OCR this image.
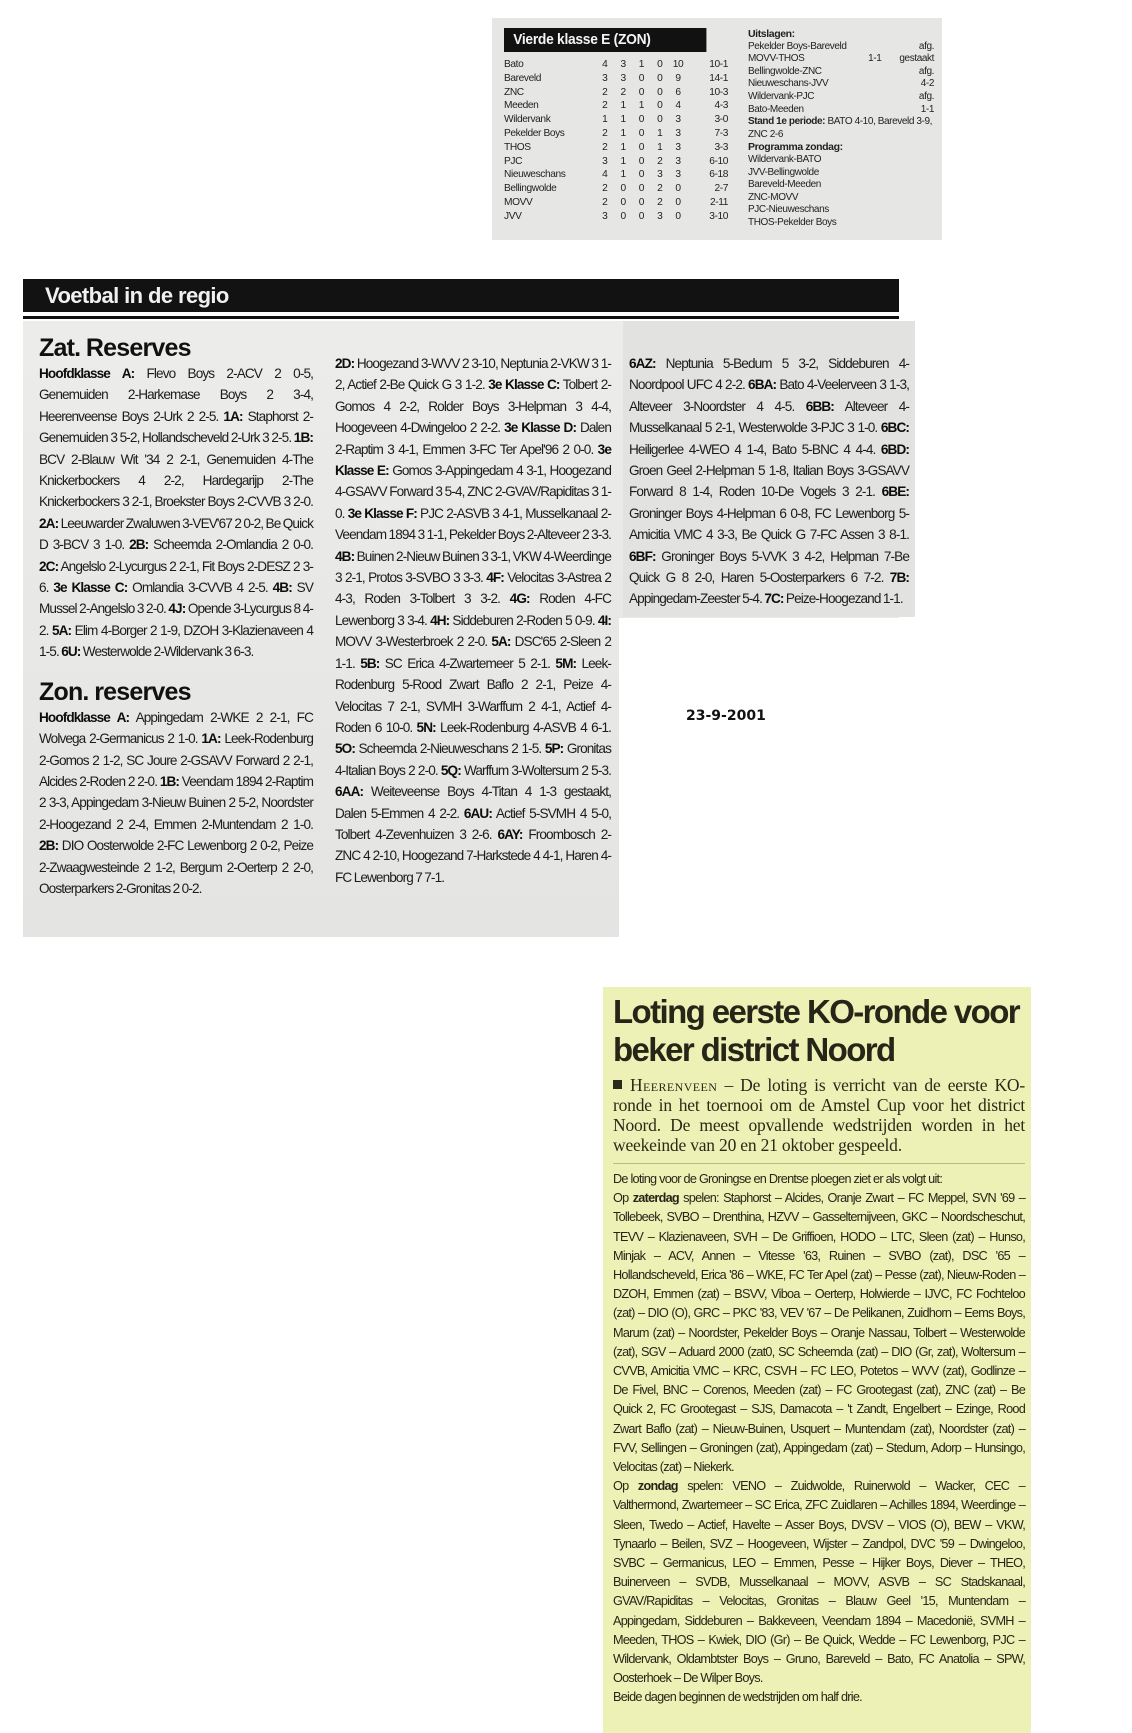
Vierde klasse E (ZON)
Bato	4	3	1	0	10	10-1
Bareveld	3	3	0	0	9	14-1
ZNC	2	2	0	0	6	10-3
Meeden	2	1	1	0	4	4-3
Wildervank	1	1	0	0	3	3-0
Pekelder Boys	2	1	0	1	3	7-3
THOS	2	1	0	1	3	3-3
PJC	3	1	0	2	3	6-10
Nieuweschans	4	1	0	3	3	6-18
Bellingwolde	2	0	0	2	0	2-7
MOVV	2	0	0	2	0	2-11
JVV	3	0	0	3	0	3-10
Uitslagen:
Pekelder Boys-Bareveld	afg.
MOVV-THOS	1-1 gestaakt
Bellingwolde-ZNC	afg.
Nieuweschans-JVV	4-2
Wildervank-PJC	afg.
Bato-Meeden	1-1
Stand 1e periode: BATO 4-10, Bareveld 3-9, ZNC 2-6
Programma zondag:
Wildervank-BATO
JVV-Bellingwolde
Bareveld-Meeden
ZNC-MOVV
PJC-Nieuweschans
THOS-Pekelder Boys
Voetbal in de regio
Zat. Reserves
Hoofdklasse A: Flevo Boys 2-ACV 2 0-5, Genemuiden 2-Harkemase Boys 2 3-4, Heerenveense Boys 2-Urk 2 2-5. 1A: Staphorst 2-Genemuiden 3 5-2, Hollandscheveld 2-Urk 3 2-5. 1B: BCV 2-Blauw Wit '34 2 2-1, Genemuiden 4-The Knickerbockers 4 2-2, Hardegarijp 2-The Knickerbockers 3 2-1, Broekster Boys 2-CVVB 3 2-0. 2A: Leeuwarder Zwaluwen 3-VEV'67 2 0-2, Be Quick D 3-BCV 3 1-0. 2B: Scheemda 2-Omlandia 2 0-0. 2C: Angelslo 2-Lycurgus 2 2-1, Fit Boys 2-DESZ 2 3-6. 3e Klasse C: Omlandia 3-CVVB 4 2-5. 4B: SV Mussel 2-Angelslo 3 2-0. 4J: Opende 3-Lycurgus 8 4-2. 5A: Elim 4-Borger 2 1-9, DZOH 3-Klazienaveen 4 1-5. 6U: Westerwolde 2-Wildervank 3 6-3.
Zon. reserves
Hoofdklasse A: Appingedam 2-WKE 2 2-1, FC Wolvega 2-Germanicus 2 1-0. 1A: Leek-Rodenburg 2-Gomos 2 1-2, SC Joure 2-GSAVV Forward 2 2-1, Alcides 2-Roden 2 2-0. 1B: Veendam 1894 2-Raptim 2 3-3, Appingedam 3-Nieuw Buinen 2 5-2, Noordster 2-Hoogezand 2 2-4, Emmen 2-Muntendam 2 1-0. 2B: DIO Oosterwolde 2-FC Lewenborg 2 0-2, Peize 2-Zwaagwesteinde 2 1-2, Bergum 2-Oerterp 2 2-0, Oosterparkers 2-Gronitas 2 0-2.
2D: Hoogezand 3-WVV 2 3-10, Neptunia 2-VKW 3 1-2, Actief 2-Be Quick G 3 1-2. 3e Klasse C: Tolbert 2-Gomos 4 2-2, Rolder Boys 3-Helpman 3 4-4, Hoogeveen 4-Dwingeloo 2 2-2. 3e Klasse D: Dalen 2-Raptim 3 4-1, Emmen 3-FC Ter Apel'96 2 0-0. 3e Klasse E: Gomos 3-Appingedam 4 3-1, Hoogezand 4-GSAVV Forward 3 5-4, ZNC 2-GVAV/Rapiditas 3 1-0. 3e Klasse F: PJC 2-ASVB 3 4-1, Musselkanaal 2-Veendam 1894 3 1-1, Pekelder Boys 2-Alteveer 2 3-3. 4B: Buinen 2-Nieuw Buinen 3 3-1, VKW 4-Weerdinge 3 2-1, Protos 3-SVBO 3 3-3. 4F: Velocitas 3-Astrea 2 4-3, Roden 3-Tolbert 3 3-2. 4G: Roden 4-FC Lewenborg 3 3-4. 4H: Siddeburen 2-Roden 5 0-9. 4I: MOVV 3-Westerbroek 2 2-0. 5A: DSC'65 2-Sleen 2 1-1. 5B: SC Erica 4-Zwartemeer 5 2-1. 5M: Leek-Rodenburg 5-Rood Zwart Baflo 2 2-1, Peize 4-Velocitas 7 2-1, SVMH 3-Warffum 2 4-1, Actief 4-Roden 6 10-0. 5N: Leek-Rodenburg 4-ASVB 4 6-1. 5O: Scheemda 2-Nieuweschans 2 1-5. 5P: Gronitas 4-Italian Boys 2 2-0. 5Q: Warffum 3-Woltersum 2 5-3. 6AA: Weiteveense Boys 4-Titan 4 1-3 gestaakt, Dalen 5-Emmen 4 2-2. 6AU: Actief 5-SVMH 4 5-0, Tolbert 4-Zevenhuizen 3 2-6. 6AY: Froombosch 2-ZNC 4 2-10, Hoogezand 7-Harkstede 4 4-1, Haren 4-FC Lewenborg 7 7-1.
6AZ: Neptunia 5-Bedum 5 3-2, Siddeburen 4-Noordpool UFC 4 2-2. 6BA: Bato 4-Veelerveen 3 1-3, Alteveer 3-Noordster 4 4-5. 6BB: Alteveer 4-Musselkanaal 5 2-1, Westerwolde 3-PJC 3 1-0. 6BC: Heiligerlee 4-WEO 4 1-4, Bato 5-BNC 4 4-4. 6BD: Groen Geel 2-Helpman 5 1-8, Italian Boys 3-GSAVV Forward 8 1-4, Roden 10-De Vogels 3 2-1. 6BE: Groninger Boys 4-Helpman 6 0-8, FC Lewenborg 5-Amicitia VMC 4 3-3, Be Quick G 7-FC Assen 3 8-1. 6BF: Groninger Boys 5-VVK 3 4-2, Helpman 7-Be Quick G 8 2-0, Haren 5-Oosterparkers 6 7-2. 7B: Appingedam-Zeester 5-4. 7C: Peize-Hoogezand 1-1.
23-9-2001
Loting eerste KO-ronde voor beker district Noord
Heerenveen – De loting is verricht van de eerste KO-ronde in het toernooi om de Amstel Cup voor het district Noord. De meest opvallende wedstrijden worden in het weekeinde van 20 en 21 oktober gespeeld.

De loting voor de Groningse en Drentse ploegen ziet er als volgt uit:

Op zaterdag spelen: Staphorst – Alcides, Oranje Zwart – FC Meppel, SVN '69 – Tollebeek, SVBO – Drenthina, HZVV – Gasselternijveen, GKC – Noordscheschut, TEVV – Klazienaveen, SVH – De Griffioen, HODO – LTC, Sleen (zat) – Hunso, Minjak – ACV, Annen – Vitesse '63, Ruinen – SVBO (zat), DSC '65 – Hollandscheveld, Erica '86 – WKE, FC Ter Apel (zat) – Pesse (zat), Nieuw-Roden – DZOH, Emmen (zat) – BSVV, Viboa – Oerterp, Holwierde – IJVC, FC Fochteloo (zat) – DIO (O), GRC – PKC '83, VEV '67 – De Pelikanen, Zuidhorn – Eems Boys, Marum (zat) – Noordster, Pekelder Boys – Oranje Nassau, Tolbert – Westerwolde (zat), SGV – Aduard 2000 (zat0, SC Scheemda (zat) – DIO (Gr, zat), Woltersum – CVVB, Amicitia VMC – KRC, CSVH – FC LEO, Potetos – WVV (zat), Godlinze – De Fivel, BNC – Corenos, Meeden (zat) – FC Grootegast (zat), ZNC (zat) – Be Quick 2, FC Grootegast – SJS, Damacota – 't Zandt, Engelbert – Ezinge, Rood Zwart Baflo (zat) – Nieuw-Buinen, Usquert – Muntendam (zat), Noordster (zat) – FVV, Sellingen – Groningen (zat), Appingedam (zat) – Stedum, Adorp – Hunsingo, Velocitas (zat) – Niekerk.

Op zondag spelen: VENO – Zuidwolde, Ruinerwold – Wacker, CEC – Valthermond, Zwartemeer – SC Erica, ZFC Zuidlaren – Achilles 1894, Weerdinge – Sleen, Twedo – Actief, Havelte – Asser Boys, DVSV – VIOS (O), BEW – VKW, Tynaarlo – Beilen, SVZ – Hoogeveen, Wijster – Zandpol, DVC '59 – Dwingeloo, SVBC – Germanicus, LEO – Emmen, Pesse – Hijker Boys, Diever – THEO, Buinerveen – SVDB, Musselkanaal – MOVV, ASVB – SC Stadskanaal, GVAV/Rapiditas – Velocitas, Gronitas – Blauw Geel '15, Muntendam – Appingedam, Siddeburen – Bakkeveen, Veendam 1894 – Macedonië, SVMH – Meeden, THOS – Kwiek, DIO (Gr) – Be Quick, Wedde – FC Lewenborg, PJC – Wildervank, Oldambtster Boys – Gruno, Bareveld – Bato, FC Anatolia – SPW, Oosterhoek – De Wilper Boys.

Beide dagen beginnen de wedstrijden om half drie.
